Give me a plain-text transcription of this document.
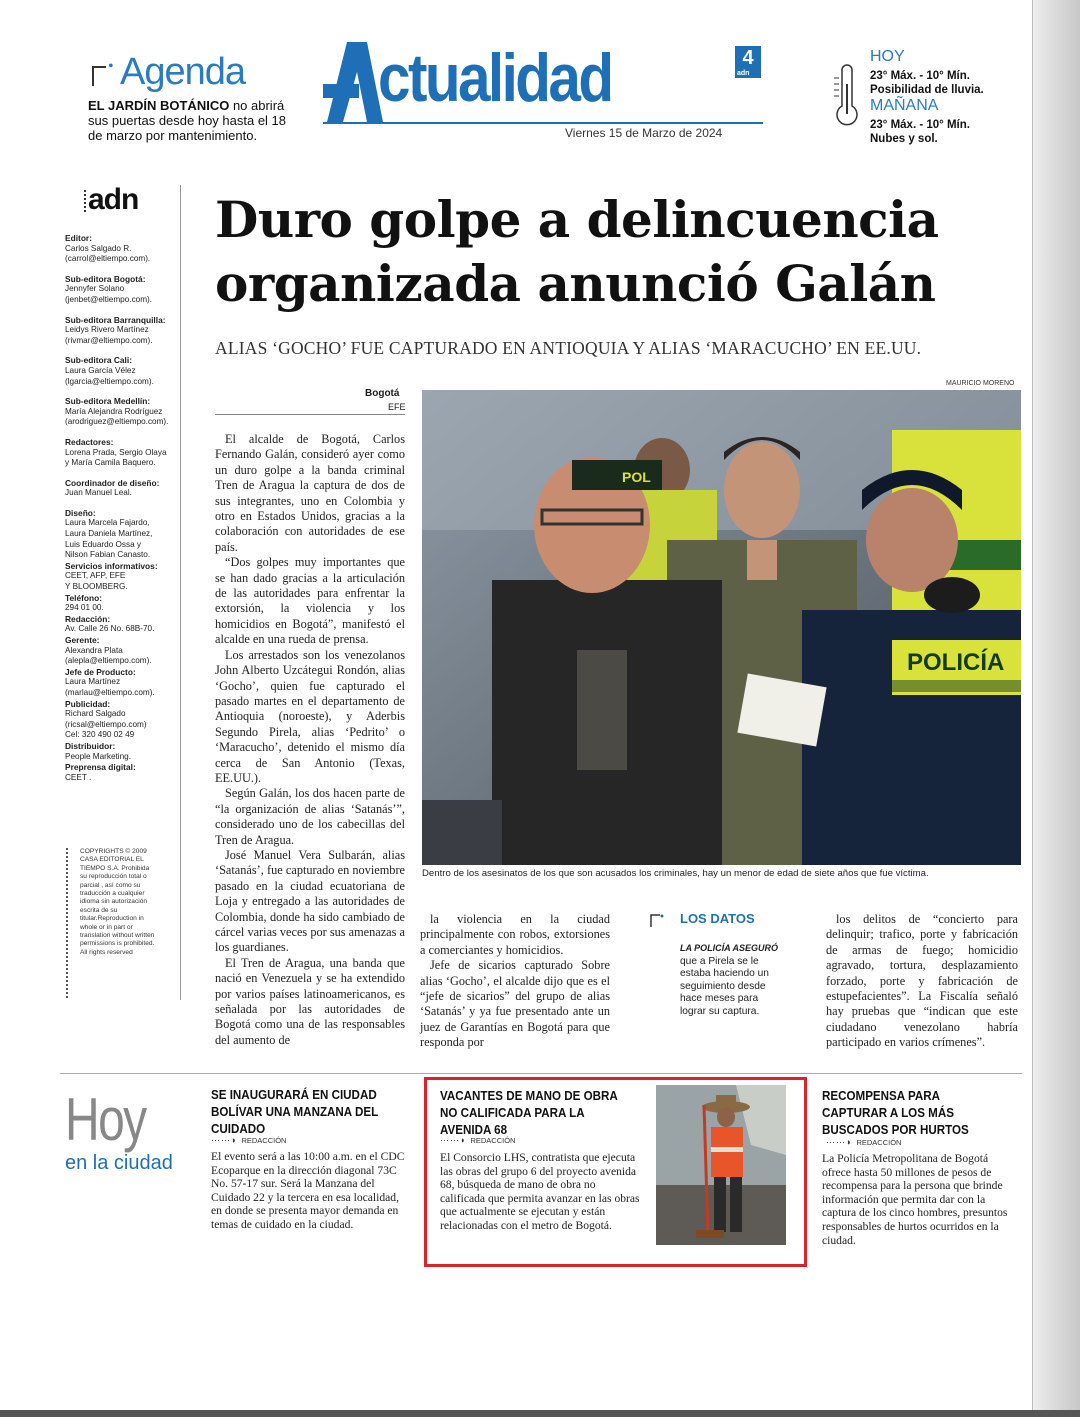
• Agenda
EL JARDÍN BOTÁNICO no abrirá sus puertas desde hoy hasta el 18 de marzo por mantenimiento.
ctualidad	4
adn
Viernes 15 de Marzo de 2024
HOY
23° Máx. - 10° Mín.
Posibilidad de lluvia.
MAÑANA
23° Máx. - 10° Mín.
Nubes y sol.
adn
Editor:
Carlos Salgado R.
(carrol@eltiempo.com).
Sub-editora Bogotá:
Jennyfer Solano
(jenbet@eltiempo.com).
Sub-editora Barranquilla:
Leidys Rivero Martínez
(rivmar@eltiempo.com).
Sub-editora Cali:
Laura García Vélez
(lgarcia@eltiempo.com).
Sub-editora Medellín:
María Alejandra Rodríguez
(arodriguez@eltiempo.com).
Redactores:
Lorena Prada, Sergio Olaya
y María Camila Baquero.
Coordinador de diseño:
Juan Manuel Leal.
Diseño:
Laura Marcela Fajardo,
Laura Daniela Martínez,
Luis Eduardo Ossa y
Nilson Fabian Canasto.
Servicios informativos:
CEET, AFP, EFE
Y BLOOMBERG.
Teléfono:
294 01 00.
Redacción:
Av. Calle 26 No. 68B-70.
Gerente:
Alexandra Plata
(alepla@eltiempo.com).
Jefe de Producto:
Laura Martínez
(marlau@eltiempo.com).
Publicidad:
Richard Salgado
(ricsal@eltiempo.com)
Cel: 320 490 02 49
Distribuidor:
People Marketing.
Preprensa digital:
CEET .
COPYRIGHTS © 2009 CASA EDITORIAL EL TIEMPO S.A. Prohibida su reproducción total o parcial , así como su traducción a cualquier idioma sin autorización escrita de su titular.Reproduction in whole or in part or translation without written permissions is prohibited. All rights reserved
Duro golpe a delincuencia organizada anunció Galán
ALIAS ‘GOCHO’ FUE CAPTURADO EN ANTIOQUIA Y ALIAS ‘MARACUCHO’ EN EE.UU.
Bogotá
EFE
MAURICIO MORENO
POLICÍA
POL
Dentro de los asesinatos de los que son acusados los criminales, hay un menor de edad de siete años que fue víctima.

El alcalde de Bogotá, Carlos Fernando Galán, consideró ayer como un duro golpe a la banda criminal Tren de Aragua la captura de dos de sus integrantes, uno en Colombia y otro en Estados Unidos, gracias a la colaboración con autoridades de ese país.

“Dos golpes muy importantes que se han dado gracias a la articulación de las autoridades para enfrentar la extorsión, la violencia y los homicidios en Bogotá”, manifestó el alcalde en una rueda de prensa.

Los arrestados son los venezolanos John Alberto Uzcátegui Rondón, alias ‘Gocho’, quien fue capturado el pasado martes en el departamento de Antioquia (noroeste), y Aderbis Segundo Pirela, alias ‘Pedrito’ o ‘Maracucho’, detenido el mismo día cerca de San Antonio (Texas, EE.UU.).

Según Galán, los dos hacen parte de “la organización de alias ‘Satanás’”, considerado uno de los cabecillas del Tren de Aragua.

José Manuel Vera Sulbarán, alias ‘Satanás’, fue capturado en noviembre pasado en la ciudad ecuatoriana de Loja y entregado a las autoridades de Colombia, donde ha sido cambiado de cárcel varias veces por sus amenazas a los guardianes.

El Tren de Aragua, una banda que nació en Venezuela y se ha extendido por varios países latinoamericanos, es señalada por las autoridades de Bogotá como una de las responsables del aumento de

la violencia en la ciudad principalmente con robos, extorsiones a comerciantes y homicidios.

Jefe de sicarios capturado Sobre alias ‘Gocho’, el alcalde dijo que es el “jefe de sicarios” del grupo de alias ‘Satanás’ y ya fue presentado ante un juez de Garantías en Bogotá para que responda por

los delitos de “concierto para delinquir; trafico, porte y fabricación de armas de fuego; homicidio agravado, tortura, desplazamiento forzado, porte y fabricación de estupefacientes”. La Fiscalía señaló hay pruebas que “indican que este ciudadano venezolano habría participado en varios crímenes”.

LOS DATOS
LA POLICÍA ASEGURÓ que a Pirela se le estaba haciendo un seguimiento desde hace meses para lograr su captura.
Hoy
en la ciudad
SE INAUGURARÁ EN CIUDAD BOLÍVAR UNA MANZANA DEL CUIDADO
⋯⋯◗ REDACCIÓN
El evento será a las 10:00 a.m. en el CDC Ecoparque en la dirección diagonal 73C No. 57-17 sur. Será la Manzana del Cuidado 22 y la tercera en esa localidad, en donde se presenta mayor demanda en temas de cuidado en la ciudad.
VACANTES DE MANO DE OBRA NO CALIFICADA PARA LA AVENIDA 68
⋯⋯◗ REDACCIÓN
El Consorcio LHS, contratista que ejecuta las obras del grupo 6 del proyecto avenida 68, búsqueda de mano de obra no calificada que permita avanzar en las obras que actualmente se ejecutan y están relacionadas con el metro de Bogotá.
RECOMPENSA PARA CAPTURAR A LOS MÁS BUSCADOS POR HURTOS
⋯⋯◗ REDACCIÓN
La Policía Metropolitana de Bogotá ofrece hasta 50 millones de pesos de recompensa para la persona que brinde información que permita dar con la captura de los cinco hombres, presuntos responsables de hurtos ocurridos en la ciudad.
